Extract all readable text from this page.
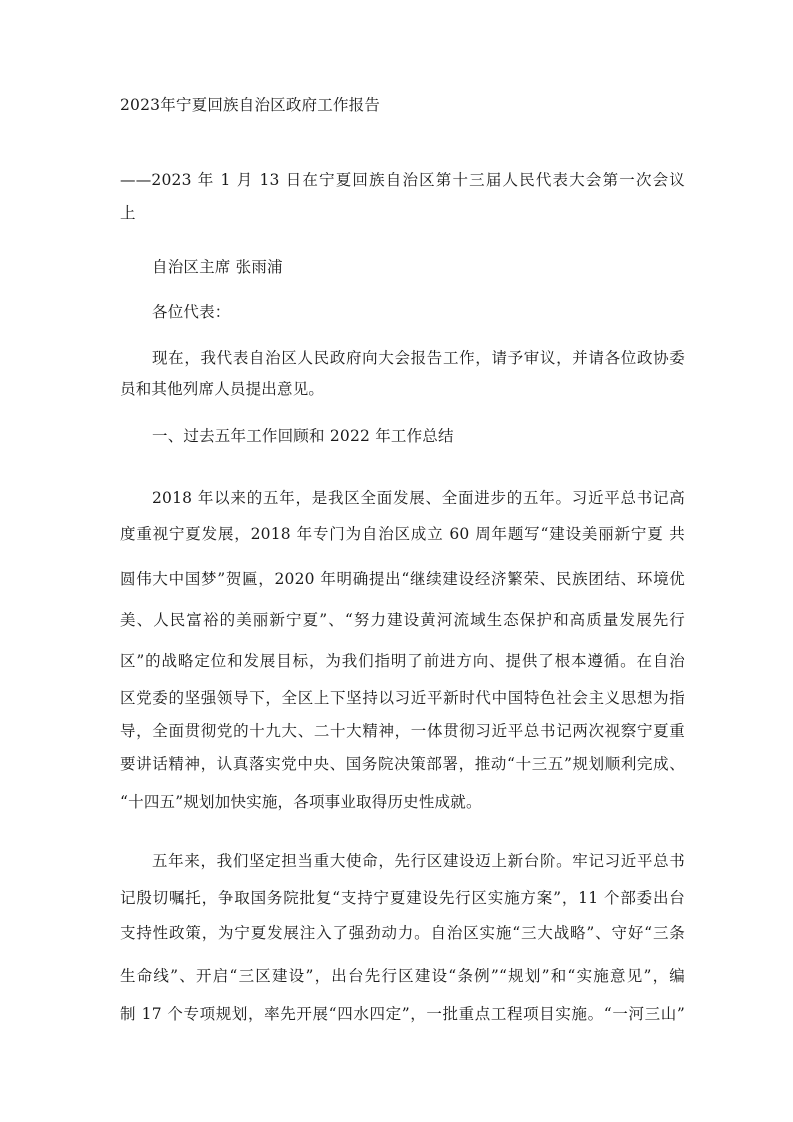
2023年宁夏回族自治区政府工作报告
——2023 年 1 月 13 日在宁夏回族自治区第十三届人民代表大会第一次会议
上
自治区主席 张雨浦
各位代表：
现在，我代表自治区人民政府向大会报告工作，请予审议，并请各位政协委
员和其他列席人员提出意见。
一、过去五年工作回顾和 2022 年工作总结
2018 年以来的五年，是我区全面发展、全面进步的五年。习近平总书记高
度重视宁夏发展，2018 年专门为自治区成立 60 周年题写“建设美丽新宁夏 共
圆伟大中国梦”贺匾，2020 年明确提出“继续建设经济繁荣、民族团结、环境优
美、人民富裕的美丽新宁夏”、“努力建设黄河流域生态保护和高质量发展先行
区”的战略定位和发展目标，为我们指明了前进方向、提供了根本遵循。在自治
区党委的坚强领导下，全区上下坚持以习近平新时代中国特色社会主义思想为指
导，全面贯彻党的十九大、二十大精神，一体贯彻习近平总书记两次视察宁夏重
要讲话精神，认真落实党中央、国务院决策部署，推动“十三五”规划顺利完成、
“十四五”规划加快实施，各项事业取得历史性成就。
五年来，我们坚定担当重大使命，先行区建设迈上新台阶。牢记习近平总书
记殷切嘱托，争取国务院批复“支持宁夏建设先行区实施方案”，11 个部委出台
支持性政策，为宁夏发展注入了强劲动力。自治区实施“三大战略”、守好“三条
生命线”、开启“三区建设”，出台先行区建设“条例”“规划”和“实施意见”，编
制 17 个专项规划，率先开展“四水四定”，一批重点工程项目实施。“一河三山”
